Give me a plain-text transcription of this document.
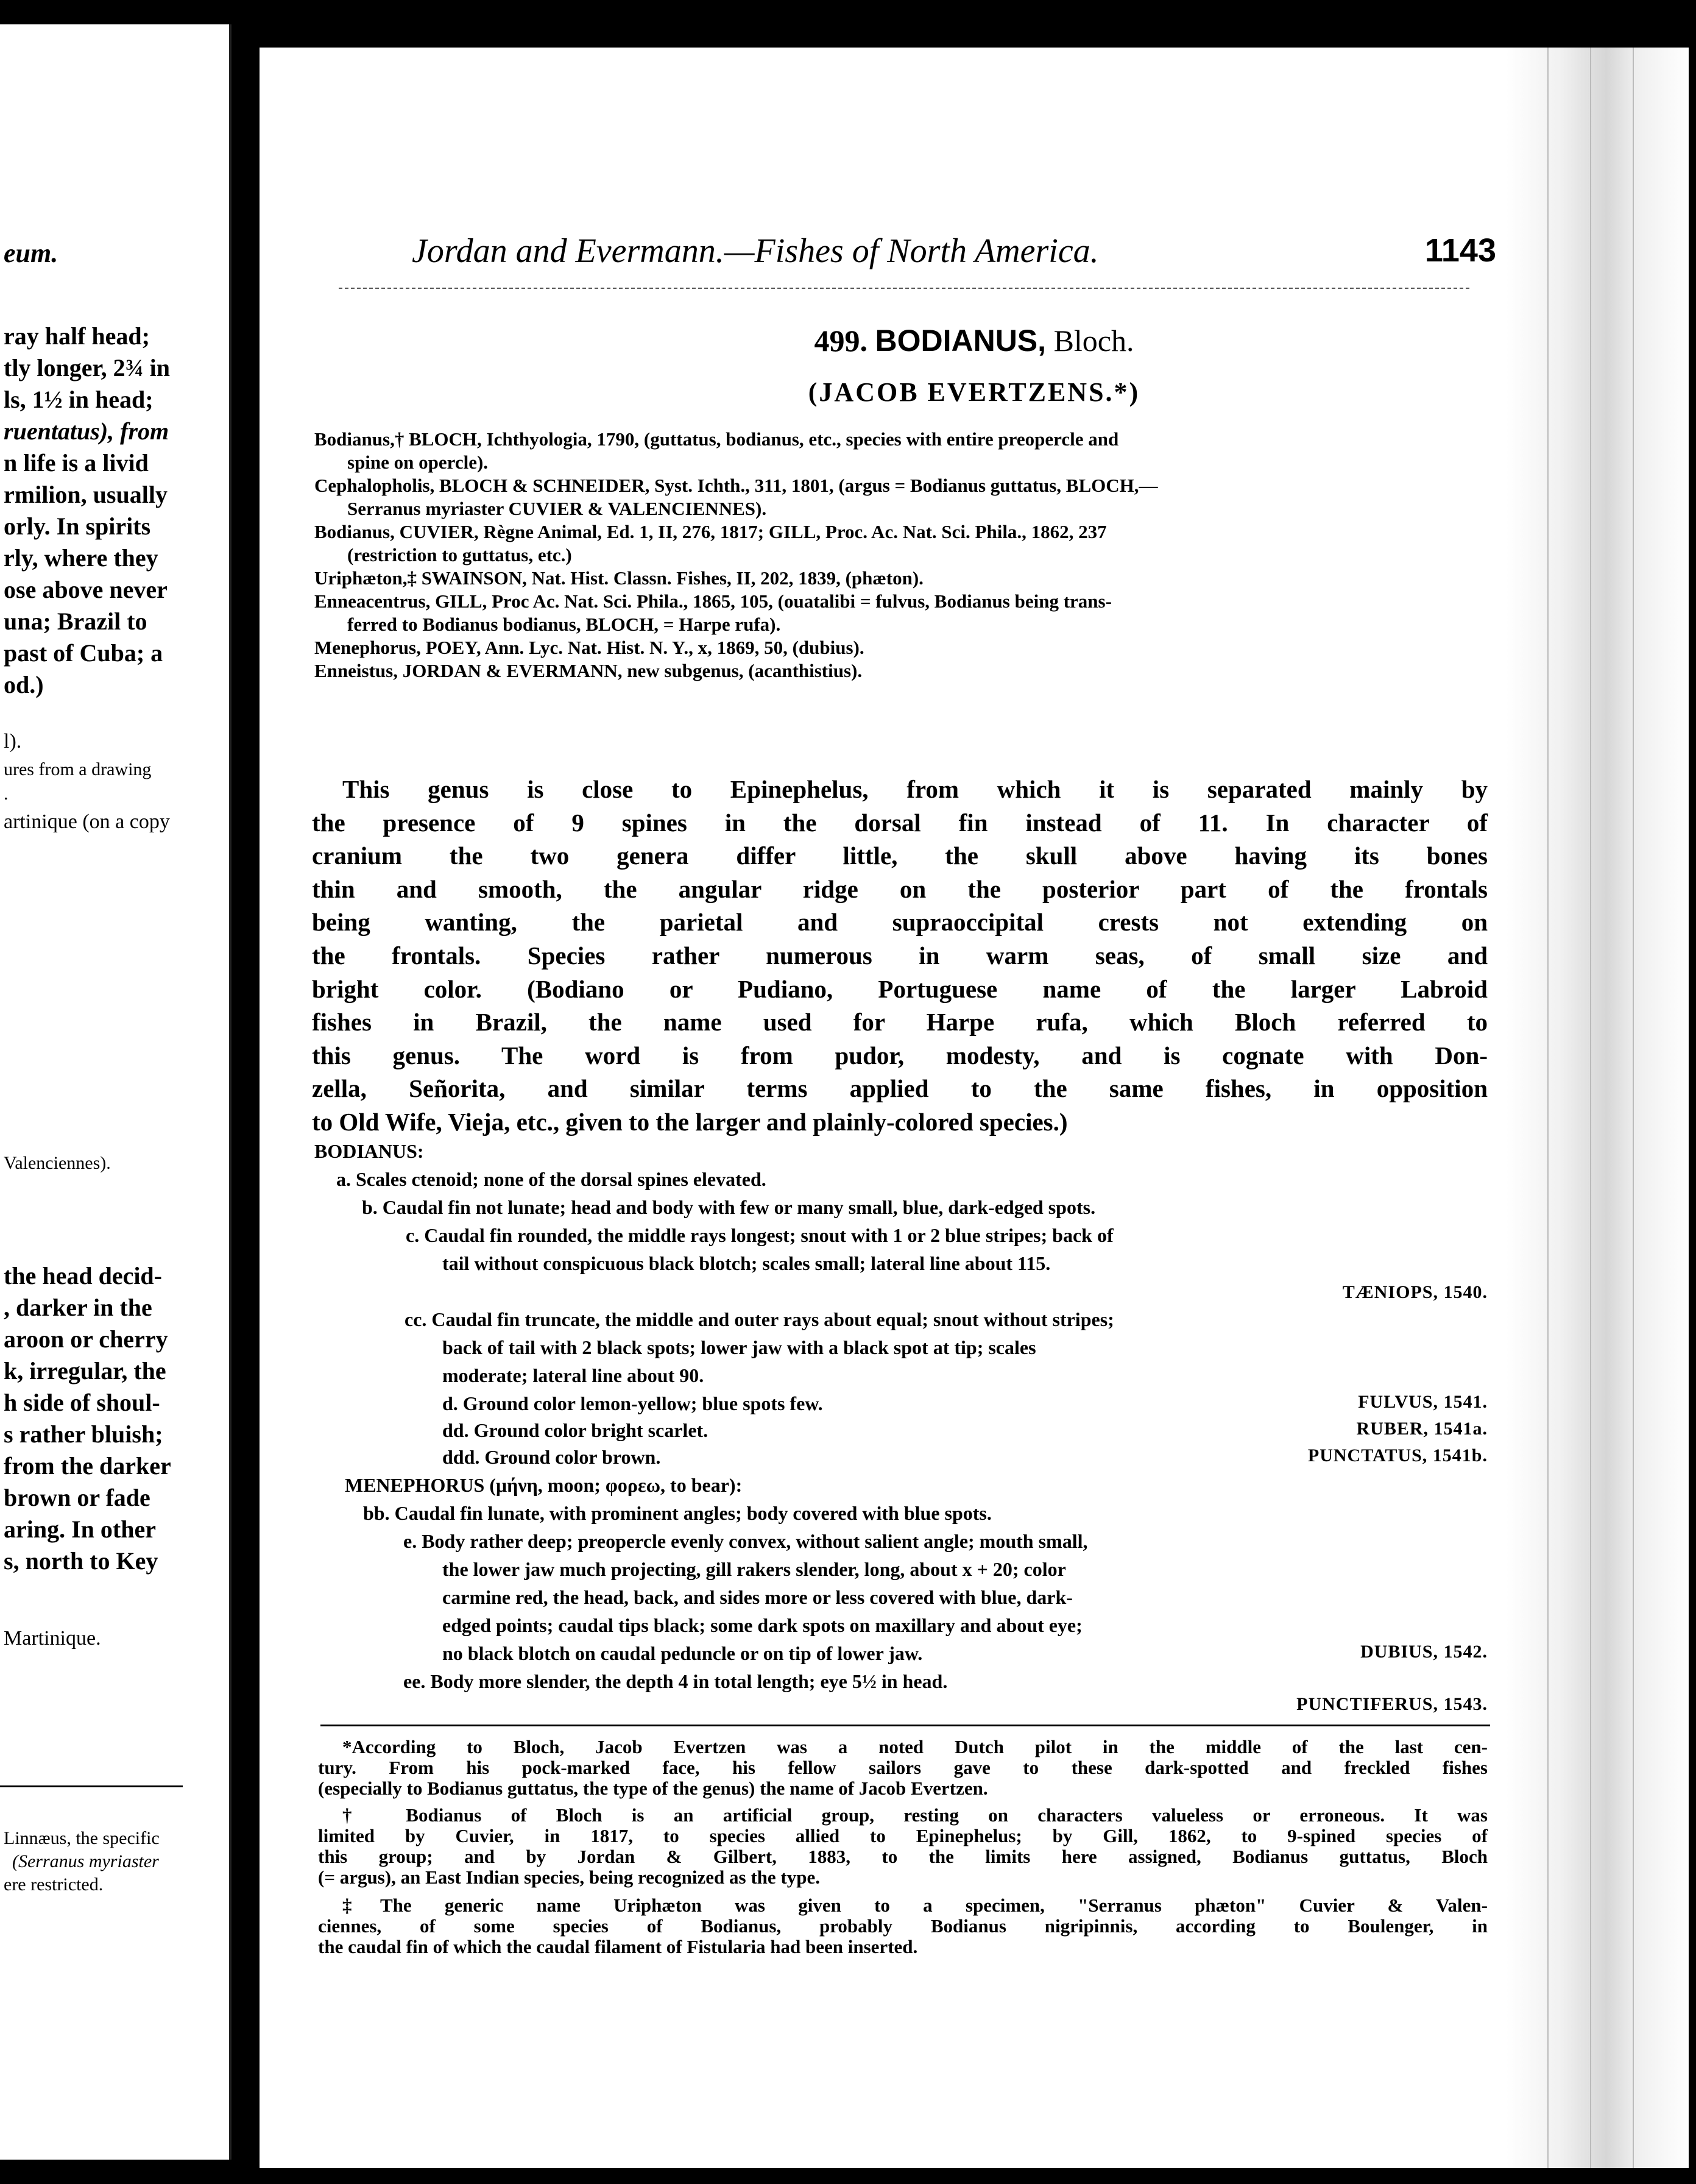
eum.
ray half head;
tly longer, 2¾ in
ls, 1½ in head;
ruentatus), from
n life is a livid
rmilion, usually
orly. In spirits
rly, where they
ose above never
una; Brazil to
past of Cuba; a
od.)
l).
ures from a drawing
.
artinique (on a copy
Valenciennes).
the head decid-
, darker in the
aroon or cherry
k, irregular, the
h side of shoul-
s rather bluish;
from the darker
brown or fade
aring. In other
s, north to Key
Martinique.
Linnæus, the specific
(Serranus myriaster
ere restricted.
Jordan and Evermann.—Fishes of North America.	1143
499. BODIANUS, Bloch.
(JACOB EVERTZENS.*)
Bodianus,† BLOCH, Ichthyologia, 1790, (guttatus, bodianus, etc., species with entire preopercle and
spine on opercle).
Cephalopholis, BLOCH & SCHNEIDER, Syst. Ichth., 311, 1801, (argus = Bodianus guttatus, BLOCH,—
Serranus myriaster CUVIER & VALENCIENNES).
Bodianus, CUVIER, Règne Animal, Ed. 1, II, 276, 1817; GILL, Proc. Ac. Nat. Sci. Phila., 1862, 237
(restriction to guttatus, etc.)
Uriphæton,‡ SWAINSON, Nat. Hist. Classn. Fishes, II, 202, 1839, (phæton).
Enneacentrus, GILL, Proc Ac. Nat. Sci. Phila., 1865, 105, (ouatalibi = fulvus, Bodianus being trans-
ferred to Bodianus bodianus, BLOCH, = Harpe rufa).
Menephorus, POEY, Ann. Lyc. Nat. Hist. N. Y., x, 1869, 50, (dubius).
Enneistus, JORDAN & EVERMANN, new subgenus, (acanthistius).
This genus is close to Epinephelus, from which it is separated mainly by
the presence of 9 spines in the dorsal fin instead of 11. In character of
cranium the two genera differ little, the skull above having its bones
thin and smooth, the angular ridge on the posterior part of the frontals
being wanting, the parietal and supraoccipital crests not extending on
the frontals. Species rather numerous in warm seas, of small size and
bright color. (Bodiano or Pudiano, Portuguese name of the larger Labroid
fishes in Brazil, the name used for Harpe rufa, which Bloch referred to
this genus. The word is from pudor, modesty, and is cognate with Don-
zella, Señorita, and similar terms applied to the same fishes, in opposition
to Old Wife, Vieja, etc., given to the larger and plainly-colored species.)
BODIANUS:
a. Scales ctenoid; none of the dorsal spines elevated.
b. Caudal fin not lunate; head and body with few or many small, blue, dark-edged spots.
c. Caudal fin rounded, the middle rays longest; snout with 1 or 2 blue stripes; back of
tail without conspicuous black blotch; scales small; lateral line about 115.
TÆNIOPS, 1540.
cc. Caudal fin truncate, the middle and outer rays about equal; snout without stripes;
back of tail with 2 black spots; lower jaw with a black spot at tip; scales
moderate; lateral line about 90.
d. Ground color lemon-yellow; blue spots few.	FULVUS, 1541.
dd. Ground color bright scarlet.	RUBER, 1541a.
ddd. Ground color brown.	PUNCTATUS, 1541b.
MENEPHORUS (μήνη, moon; φορεω, to bear):
bb. Caudal fin lunate, with prominent angles; body covered with blue spots.
e. Body rather deep; preopercle evenly convex, without salient angle; mouth small,
the lower jaw much projecting, gill rakers slender, long, about x + 20; color
carmine red, the head, back, and sides more or less covered with blue, dark-
edged points; caudal tips black; some dark spots on maxillary and about eye;
no black blotch on caudal peduncle or on tip of lower jaw.	DUBIUS, 1542.
ee. Body more slender, the depth 4 in total length; eye 5½ in head.
PUNCTIFERUS, 1543.
*According to Bloch, Jacob Evertzen was a noted Dutch pilot in the middle of the last cen-
tury. From his pock-marked face, his fellow sailors gave to these dark-spotted and freckled fishes
(especially to Bodianus guttatus, the type of the genus) the name of Jacob Evertzen.
† Bodianus of Bloch is an artificial group, resting on characters valueless or erroneous. It was
limited by Cuvier, in 1817, to species allied to Epinephelus; by Gill, 1862, to 9-spined species of
this group; and by Jordan & Gilbert, 1883, to the limits here assigned, Bodianus guttatus, Bloch
(= argus), an East Indian species, being recognized as the type.
‡The generic name Uriphæton was given to a specimen, "Serranus phæton" Cuvier & Valen-
ciennes, of some species of Bodianus, probably Bodianus nigripinnis, according to Boulenger, in
the caudal fin of which the caudal filament of Fistularia had been inserted.
